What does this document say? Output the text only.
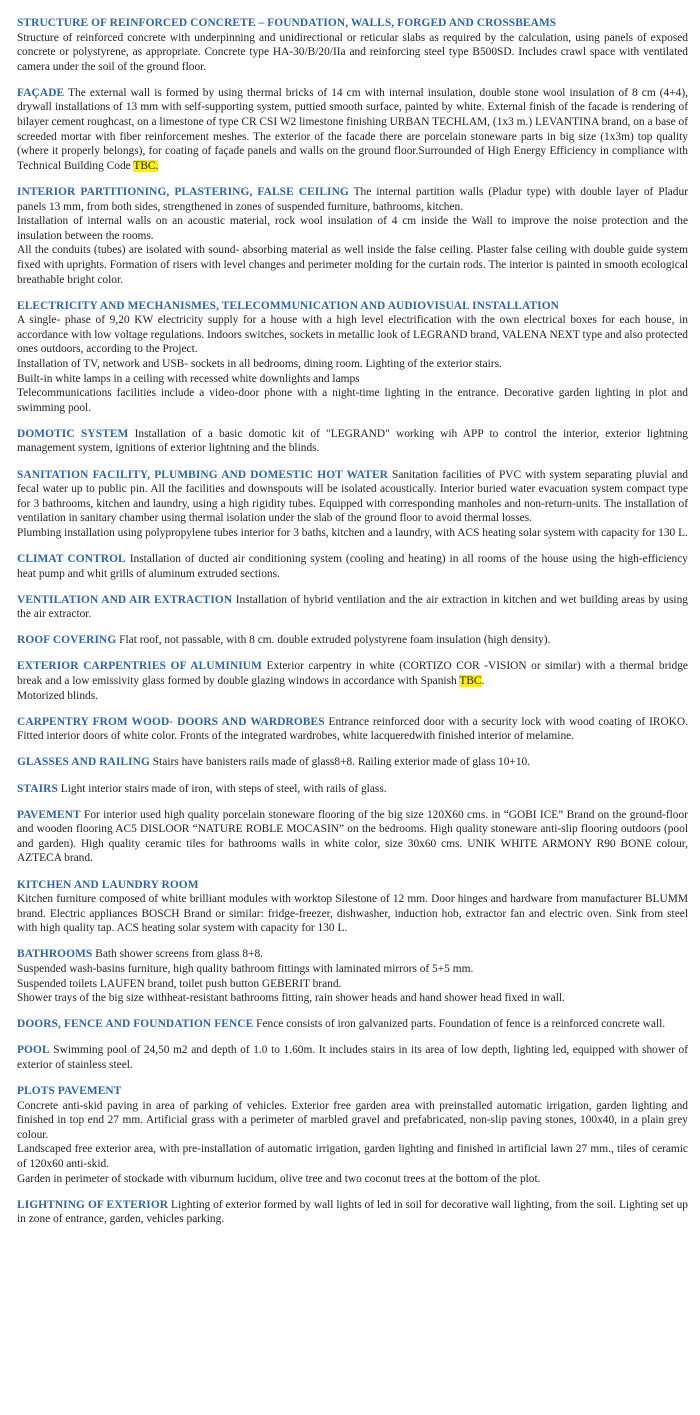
STRUCTURE OF REINFORCED CONCRETE – FOUNDATION, WALLS, FORGED AND CROSSBEAMS

Structure of reinforced concrete with underpinning and unidirectional or reticular slabs as required by the calculation, using panels of exposed concrete or polystyrene, as appropriate. Concrete type HA-30/B/20/IIa and reinforcing steel type B500SD. Includes crawl space with ventilated camera under the soil of the ground floor.

FAÇADE The external wall is formed by using thermal bricks of 14 cm with internal insulation, double stone wool insulation of 8 cm (4+4), drywall installations of 13 mm with self-supporting system, puttied smooth surface, painted by white. External finish of the facade is rendering of bilayer cement roughcast, on a limestone of type CR CSI W2 limestone finishing URBAN TECHLAM, (1x3 m.) LEVANTINA brand, on a base of screeded mortar with fiber reinforcement meshes. The exterior of the facade there are porcelain stoneware parts in big size (1x3m) top quality (where it properly belongs), for coating of façade panels and walls on the ground floor.Surrounded of High Energy Efficiency in compliance with Technical Building Code TBC.

INTERIOR PARTITIONING, PLASTERING, FALSE CEILING The internal partition walls (Pladur type) with double layer of Pladur panels 13 mm, from both sides, strengthened in zones of suspended furniture, bathrooms, kitchen.

Installation of internal walls on an acoustic material, rock wool insulation of 4 cm inside the Wall to improve the noise protection and the insulation between the rooms.

All the conduits (tubes) are isolated with sound- absorbing material as well inside the false ceiling. Plaster false ceiling with double guide system fixed with uprights. Formation of risers with level changes and perimeter molding for the curtain rods. The interior is painted in smooth ecological breathable bright color.

ELECTRICITY AND MECHANISMES, TELECOMMUNICATION AND AUDIOVISUAL INSTALLATION

A single- phase of 9,20 KW electricity supply for a house with a high level electrification with the own electrical boxes for each house, in accordance with low voltage regulations. Indoors switches, sockets in metallic look of LEGRAND brand, VALENA NEXT type and also protected ones outdoors, according to the Project.

Installation of TV, network and USB- sockets in all bedrooms, dining room. Lighting of the exterior stairs.

Built-in white lamps in a ceiling with recessed white downlights and lamps

Telecommunications facilities include a video-door phone with a night-time lighting in the entrance. Decorative garden lighting in plot and swimming pool.

DOMOTIC SYSTEM Installation of a basic domotic kit of "LEGRAND" working wih APP to control the interior, exterior lightning management system, ignitions of exterior lightning and the blinds.

SANITATION FACILITY, PLUMBING AND DOMESTIC HOT WATER Sanitation facilities of PVC with system separating pluvial and fecal water up to public pin. All the facilities and downspouts will be isolated acoustically. Interior buried water evacuation system compact type for 3 bathrooms, kitchen and laundry, using a high rigidity tubes. Equipped with corresponding manholes and non-return-units. The installation of ventilation in sanitary chamber using thermal isolation under the slab of the ground floor to avoid thermal losses.

Plumbing installation using polypropylene tubes interior for 3 baths, kitchen and a laundry, with ACS heating solar system with capacity for 130 L.

CLIMAT CONTROL Installation of ducted air conditioning system (cooling and heating) in all rooms of the house using the high-efficiency heat pump and whit grills of aluminum extruded sections.

VENTILATION AND AIR EXTRACTION Installation of hybrid ventilation and the air extraction in kitchen and wet building areas by using the air extractor.

ROOF COVERING Flat roof, not passable, with 8 cm. double extruded polystyrene foam insulation (high density).

EXTERIOR CARPENTRIES OF ALUMINIUM Exterior carpentry in white (CORTIZO COR -VISION or similar) with a thermal bridge break and a low emissivity glass formed by double glazing windows in accordance with Spanish TBC.

Motorized blinds.

CARPENTRY FROM WOOD- DOORS AND WARDROBES Entrance reinforced door with a security lock with wood coating of IROKO. Fitted interior doors of white color. Fronts of the integrated wardrobes, white lacqueredwith finished interior of melamine.

GLASSES AND RAILING Stairs have banisters rails made of glass8+8. Railing exterior made of glass 10+10.

STAIRS Light interior stairs made of iron, with steps of steel, with rails of glass.

PAVEMENT For interior used high quality porcelain stoneware flooring of the big size 120X60 cms. in “GOBI ICE” Brand on the ground-floor and wooden flooring AC5 DISLOOR “NATURE ROBLE MOCASIN” on the bedrooms. High quality stoneware anti-slip flooring outdoors (pool and garden). High quality ceramic tiles for bathrooms walls in white color, size 30x60 cms. UNIK WHITE ARMONY R90 BONE colour, AZTECA brand.

KITCHEN AND LAUNDRY ROOM

Kitchen furniture composed of white brilliant modules with worktop Silestone of 12 mm. Door hinges and hardware from manufacturer BLUMM brand. Electric appliances BOSCH Brand or similar: fridge-freezer, dishwasher, induction hob, extractor fan and electric oven. Sink from steel with high quality tap. ACS heating solar system with capacity for 130 L.

BATHROOMS Bath shower screens from glass 8+8.

Suspended wash-basins furniture, high quality bathroom fittings with laminated mirrors of 5+5 mm.

Suspended toilets LAUFEN brand, toilet push button GEBERIT brand.

Shower trays of the big size withheat-resistant bathrooms fitting, rain shower heads and hand shower head fixed in wall.

DOORS, FENCE AND FOUNDATION FENCE Fence consists of iron galvanized parts. Foundation of fence is a reinforced concrete wall.

POOL Swimming pool of 24,50 m2 and depth of 1.0 to 1.60m. It includes stairs in its area of low depth, lighting led, equipped with shower of exterior of stainless steel.

PLOTS PAVEMENT

Concrete anti-skid paving in area of parking of vehicles. Exterior free garden area with preinstalled automatic irrigation, garden lighting and finished in top end 27 mm. Artificial grass with a perimeter of marbled gravel and prefabricated, non-slip paving stones, 100x40, in a plain grey colour.

Landscaped free exterior area, with pre-installation of automatic irrigation, garden lighting and finished in artificial lawn 27 mm., tiles of ceramic of 120x60 anti-skid.

Garden in perimeter of stockade with viburnum lucidum, olive tree and two coconut trees at the bottom of the plot.

LIGHTNING OF EXTERIOR Lighting of exterior formed by wall lights of led in soil for decorative wall lighting, from the soil. Lighting set up in zone of entrance, garden, vehicles parking.
